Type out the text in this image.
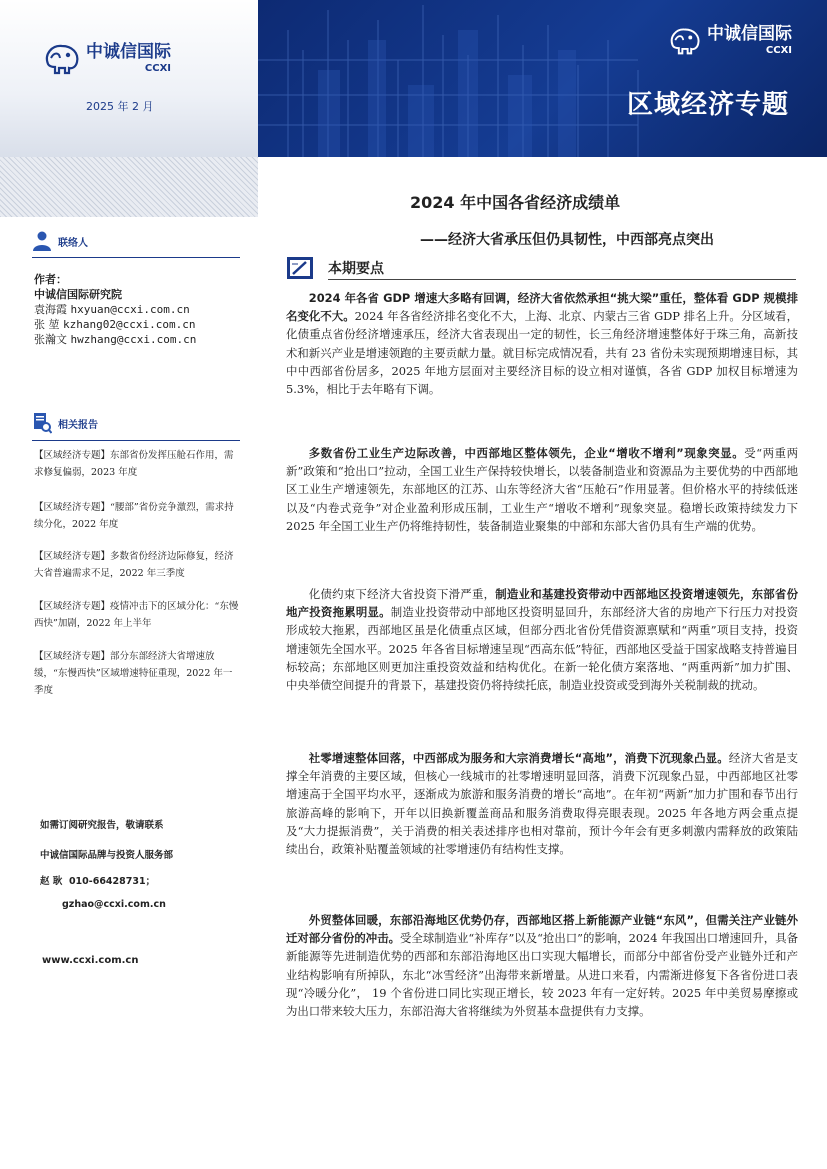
中诚信国际
CCXI
2025 年 2 月
中诚信国际
CCXI
区域经济专题
联络人
作者：
中诚信国际研究院
袁海霞 hxyuan@ccxi.com.cn
张 堃 kzhang02@ccxi.com.cn
张瀚文 hwzhang@ccxi.com.cn
相关报告
【区域经济专题】东部省份发挥压舱石作用，需求修复偏弱，2023 年度
【区域经济专题】“腰部”省份竞争激烈，需求持续分化，2022 年度
【区域经济专题】多数省份经济边际修复，经济大省普遍需求不足，2022 年三季度
【区域经济专题】疫情冲击下的区域分化：“东慢西快”加剧，2022 年上半年
【区域经济专题】部分东部经济大省增速放缓，“东慢西快”区域增速特征重现，2022 年一季度
如需订阅研究报告，敬请联系
中诚信国际品牌与投资人服务部
赵 耿 010-66428731；
gzhao@ccxi.com.cn
www.ccxi.com.cn
2024 年中国各省经济成绩单
——经济大省承压但仍具韧性，中西部亮点突出
本期要点

2024 年各省 GDP 增速大多略有回调，经济大省依然承担“挑大梁”重任，整体看 GDP 规模排名变化不大。2024 年各省经济排名变化不大，上海、北京、内蒙古三省 GDP 排名上升。分区域看，化债重点省份经济增速承压，经济大省表现出一定的韧性，长三角经济增速整体好于珠三角，高新技术和新兴产业是增速领跑的主要贡献力量。就目标完成情况看，共有 23 省份未实现预期增速目标，其中中西部省份居多，2025 年地方层面对主要经济目标的设立相对谨慎，各省 GDP 加权目标增速为 5.3%，相比于去年略有下调。

多数省份工业生产边际改善，中西部地区整体领先，企业“增收不增利”现象突显。受“两重两新”政策和“抢出口”拉动，全国工业生产保持较快增长，以装备制造业和资源品为主要优势的中西部地区工业生产增速领先，东部地区的江苏、山东等经济大省“压舱石”作用显著。但价格水平的持续低迷以及“内卷式竞争”对企业盈利形成压制，工业生产“增收不增利”现象突显。稳增长政策持续发力下 2025 年全国工业生产仍将维持韧性，装备制造业聚集的中部和东部大省仍具有生产端的优势。

化债约束下经济大省投资下滑严重，制造业和基建投资带动中西部地区投资增速领先，东部省份地产投资拖累明显。制造业投资带动中部地区投资明显回升，东部经济大省的房地产下行压力对投资形成较大拖累，西部地区虽是化债重点区域，但部分西北省份凭借资源禀赋和“两重”项目支持，投资增速领先全国水平。2025 年各省目标增速呈现“西高东低”特征，西部地区受益于国家战略支持普遍目标较高；东部地区则更加注重投资效益和结构优化。在新一轮化债方案落地、“两重两新”加力扩围、中央举债空间提升的背景下，基建投资仍将持续托底，制造业投资或受到海外关税制裁的扰动。

社零增速整体回落，中西部成为服务和大宗消费增长“高地”，消费下沉现象凸显。经济大省是支撑全年消费的主要区域，但核心一线城市的社零增速明显回落，消费下沉现象凸显，中西部地区社零增速高于全国平均水平，逐渐成为旅游和服务消费的增长“高地”。在年初“两新”加力扩围和春节出行旅游高峰的影响下，开年以旧换新覆盖商品和服务消费取得亮眼表现。2025 年各地方两会重点提及“大力提振消费”，关于消费的相关表述排序也相对靠前，预计今年会有更多刺激内需释放的政策陆续出台，政策补贴覆盖领域的社零增速仍有结构性支撑。

外贸整体回暖，东部沿海地区优势仍存，西部地区搭上新能源产业链“东风”，但需关注产业链外迁对部分省份的冲击。受全球制造业“补库存”以及“抢出口”的影响，2024 年我国出口增速回升，具备新能源等先进制造优势的西部和东部沿海地区出口实现大幅增长，而部分中部省份受产业链外迁和产业结构影响有所掉队，东北“冰雪经济”出海带来新增量。从进口来看，内需渐进修复下各省份进口表现“冷暖分化”， 19 个省份进口同比实现正增长，较 2023 年有一定好转。2025 年中美贸易摩擦或为出口带来较大压力，东部沿海大省将继续为外贸基本盘提供有力支撑。
